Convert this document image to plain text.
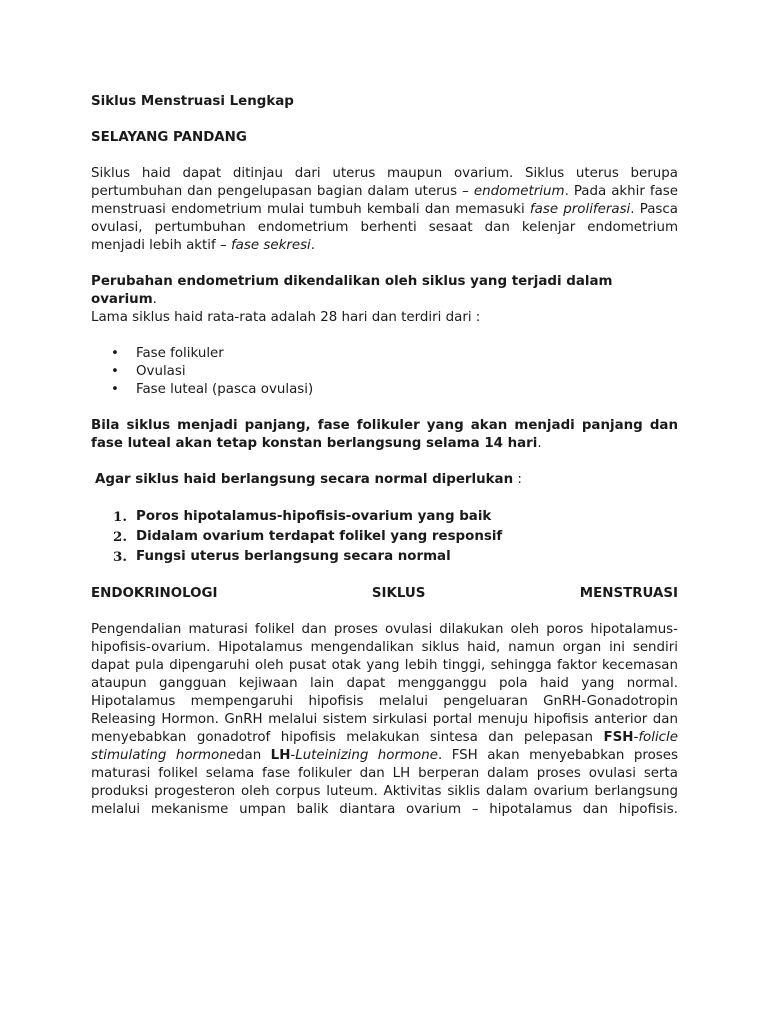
Siklus Menstruasi Lengkap

SELAYANG PANDANG

Siklus haid dapat ditinjau dari uterus maupun ovarium. Siklus uterus berupa pertumbuhan dan pengelupasan bagian dalam uterus – endometrium. Pada akhir fase menstruasi endometrium mulai tumbuh kembali dan memasuki fase proliferasi. Pasca ovulasi, pertumbuhan endometrium berhenti sesaat dan kelenjar endometrium menjadi lebih aktif – fase sekresi.

Perubahan endometrium dikendalikan oleh siklus yang terjadi dalam ovarium.

Lama siklus haid rata-rata adalah 28 hari dan terdiri dari :

• Fase folikuler
• Ovulasi
• Fase luteal (pasca ovulasi)

Bila siklus menjadi panjang, fase folikuler yang akan menjadi panjang dan fase luteal akan tetap konstan berlangsung selama 14 hari.

Agar siklus haid berlangsung secara normal diperlukan :

1. Poros hipotalamus-hipofisis-ovarium yang baik
2. Didalam ovarium terdapat folikel yang responsif
3. Fungsi uterus berlangsung secara normal
ENDOKRINOLOGI	SIKLUS	MENSTRUASI

Pengendalian maturasi folikel dan proses ovulasi dilakukan oleh poros hipotalamus-hipofisis-ovarium. Hipotalamus mengendalikan siklus haid, namun organ ini sendiri dapat pula dipengaruhi oleh pusat otak yang lebih tinggi, sehingga faktor kecemasan ataupun gangguan kejiwaan lain dapat mengganggu pola haid yang normal. Hipotalamus mempengaruhi hipofisis melalui pengeluaran GnRH-Gonadotropin Releasing Hormon. GnRH melalui sistem sirkulasi portal menuju hipofisis anterior dan menyebabkan gonadotrof hipofisis melakukan sintesa dan pelepasan FSH-folicle stimulating hormonedan LH-Luteinizing hormone. FSH akan menyebabkan proses maturasi folikel selama fase folikuler dan LH berperan dalam proses ovulasi serta produksi progesteron oleh corpus luteum. Aktivitas siklis dalam ovarium berlangsung melalui mekanisme umpan balik diantara ovarium – hipotalamus dan hipofisis.
